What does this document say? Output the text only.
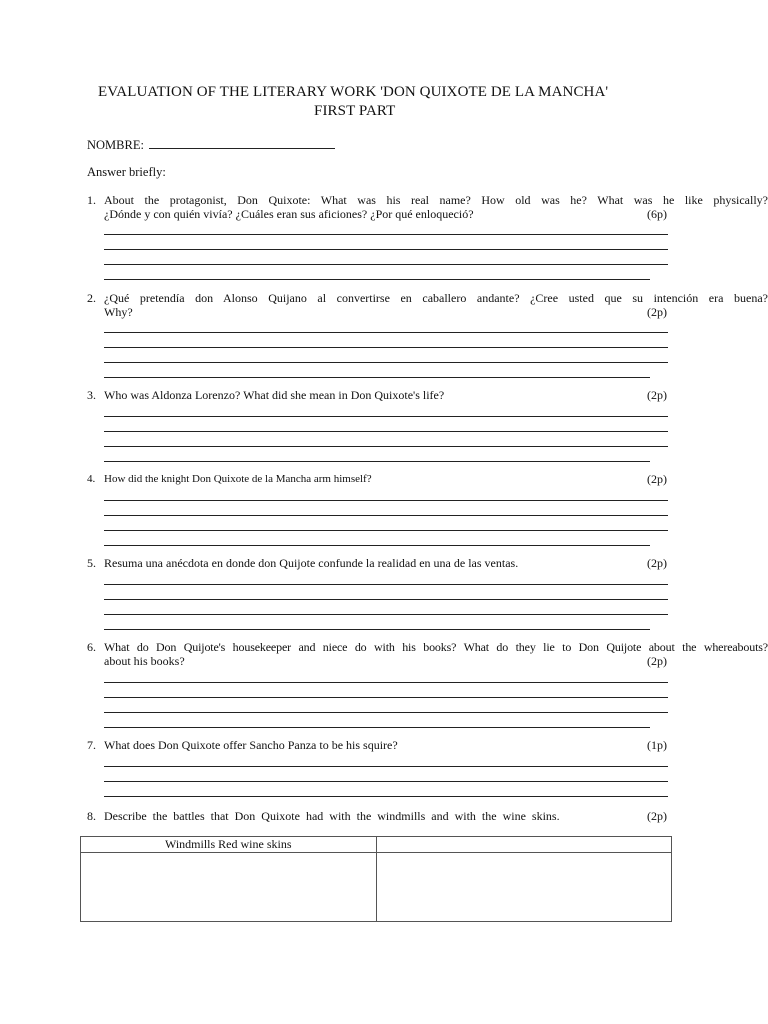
EVALUATION OF THE LITERARY WORK 'DON QUIXOTE DE LA MANCHA'
FIRST PART
NOMBRE:
Answer briefly:
1. About the protagonist, Don Quixote: What was his real name? How old was he? What was he like physically?
¿Dónde y con quién vivía? ¿Cuáles eran sus aficiones? ¿Por qué enloqueció?	(6p)
2. ¿Qué pretendía don Alonso Quijano al convertirse en caballero andante? ¿Cree usted que su intención era buena?
Why?	(2p)
3. Who was Aldonza Lorenzo? What did she mean in Don Quixote's life?	(2p)
4. How did the knight Don Quixote de la Mancha arm himself?	(2p)
5. Resuma una anécdota en donde don Quijote confunde la realidad en una de las ventas.	(2p)
6. What do Don Quijote's housekeeper and niece do with his books? What do they lie to Don Quijote about the whereabouts?
about his books?	(2p)
7. What does Don Quixote offer Sancho Panza to be his squire?	(1p)
8. Describe the battles that Don Quixote had with the windmills and with the wine skins.	(2p)
Windmills Red wine skins	
